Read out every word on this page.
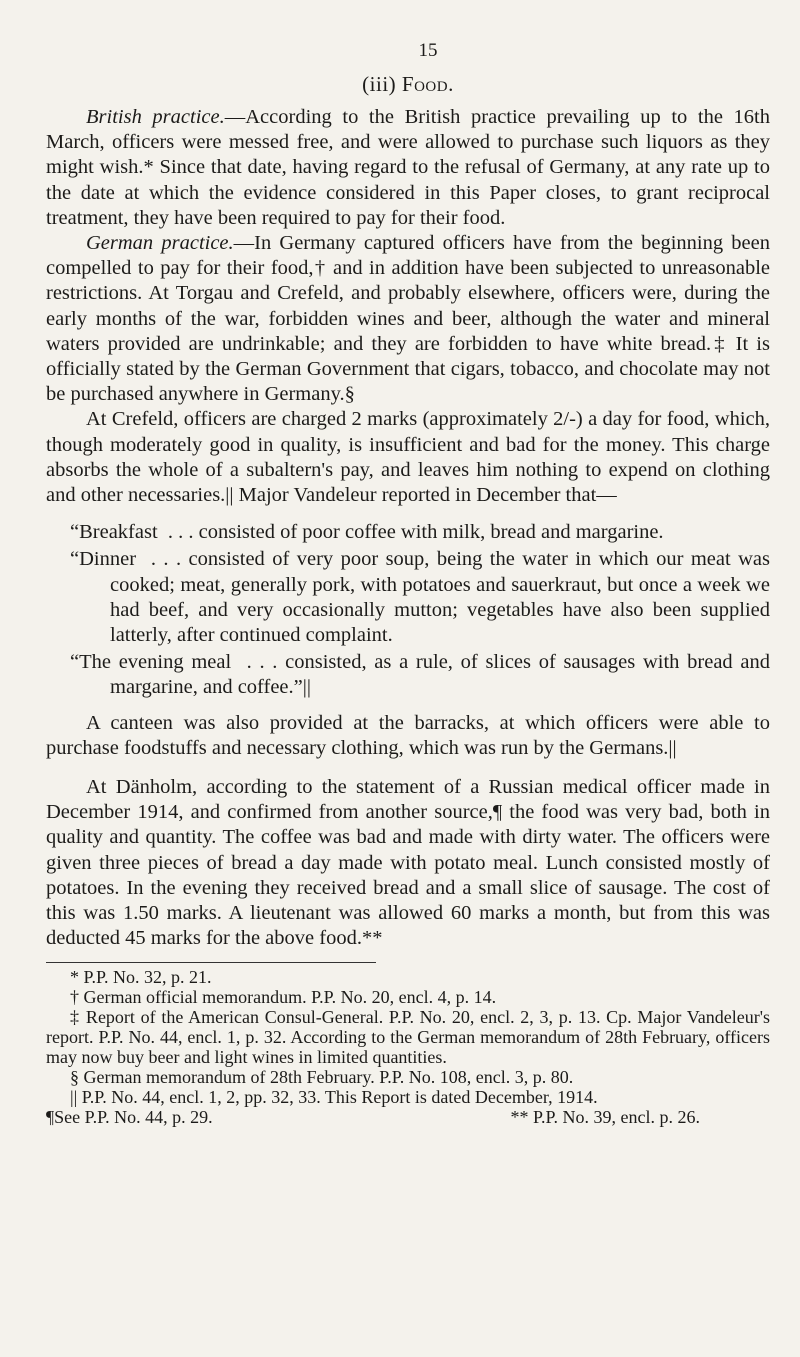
15
(iii) Food.

British practice.—According to the British practice prevailing up to the 16th March, officers were messed free, and were allowed to purchase such liquors as they might wish.* Since that date, having regard to the refusal of Germany, at any rate up to the date at which the evidence considered in this Paper closes, to grant reciprocal treatment, they have been required to pay for their food.

German practice.—In Germany captured officers have from the beginning been compelled to pay for their food,† and in addition have been subjected to unreasonable restrictions. At Torgau and Crefeld, and probably elsewhere, officers were, during the early months of the war, forbidden wines and beer, although the water and mineral waters provided are undrinkable; and they are forbidden to have white bread.‡ It is officially stated by the German Government that cigars, tobacco, and chocolate may not be purchased anywhere in Germany.§

At Crefeld, officers are charged 2 marks (approximately 2/-) a day for food, which, though moderately good in quality, is insufficient and bad for the money. This charge absorbs the whole of a subaltern's pay, and leaves him nothing to expend on clothing and other necessaries.|| Major Vandeleur reported in December that—

“Breakfast . . . consisted of poor coffee with milk, bread and margarine.
“Dinner . . . consisted of very poor soup, being the water in which our meat was cooked; meat, generally pork, with potatoes and sauerkraut, but once a week we had beef, and very occasionally mutton; vegetables have also been supplied latterly, after continued complaint.
“The evening meal . . . consisted, as a rule, of slices of sausages with bread and margarine, and coffee.”||

A canteen was also provided at the barracks, at which officers were able to purchase foodstuffs and necessary clothing, which was run by the Germans.||

At Dänholm, according to the statement of a Russian medical officer made in December 1914, and confirmed from another source,¶ the food was very bad, both in quality and quantity. The coffee was bad and made with dirty water. The officers were given three pieces of bread a day made with potato meal. Lunch consisted mostly of potatoes. In the evening they received bread and a small slice of sausage. The cost of this was 1.50 marks. A lieutenant was allowed 60 marks a month, but from this was deducted 45 marks for the above food.**

* P.P. No. 32, p. 21.

† German official memorandum. P.P. No. 20, encl. 4, p. 14.

‡ Report of the American Consul-General. P.P. No. 20, encl. 2, 3, p. 13. Cp. Major Vandeleur's report. P.P. No. 44, encl. 1, p. 32. According to the German memorandum of 28th February, officers may now buy beer and light wines in limited quantities.

§ German memorandum of 28th February. P.P. No. 108, encl. 3, p. 80.

|| P.P. No. 44, encl. 1, 2, pp. 32, 33. This Report is dated December, 1914.

¶See P.P. No. 44, p. 29.	** P.P. No. 39, encl. p. 26.
